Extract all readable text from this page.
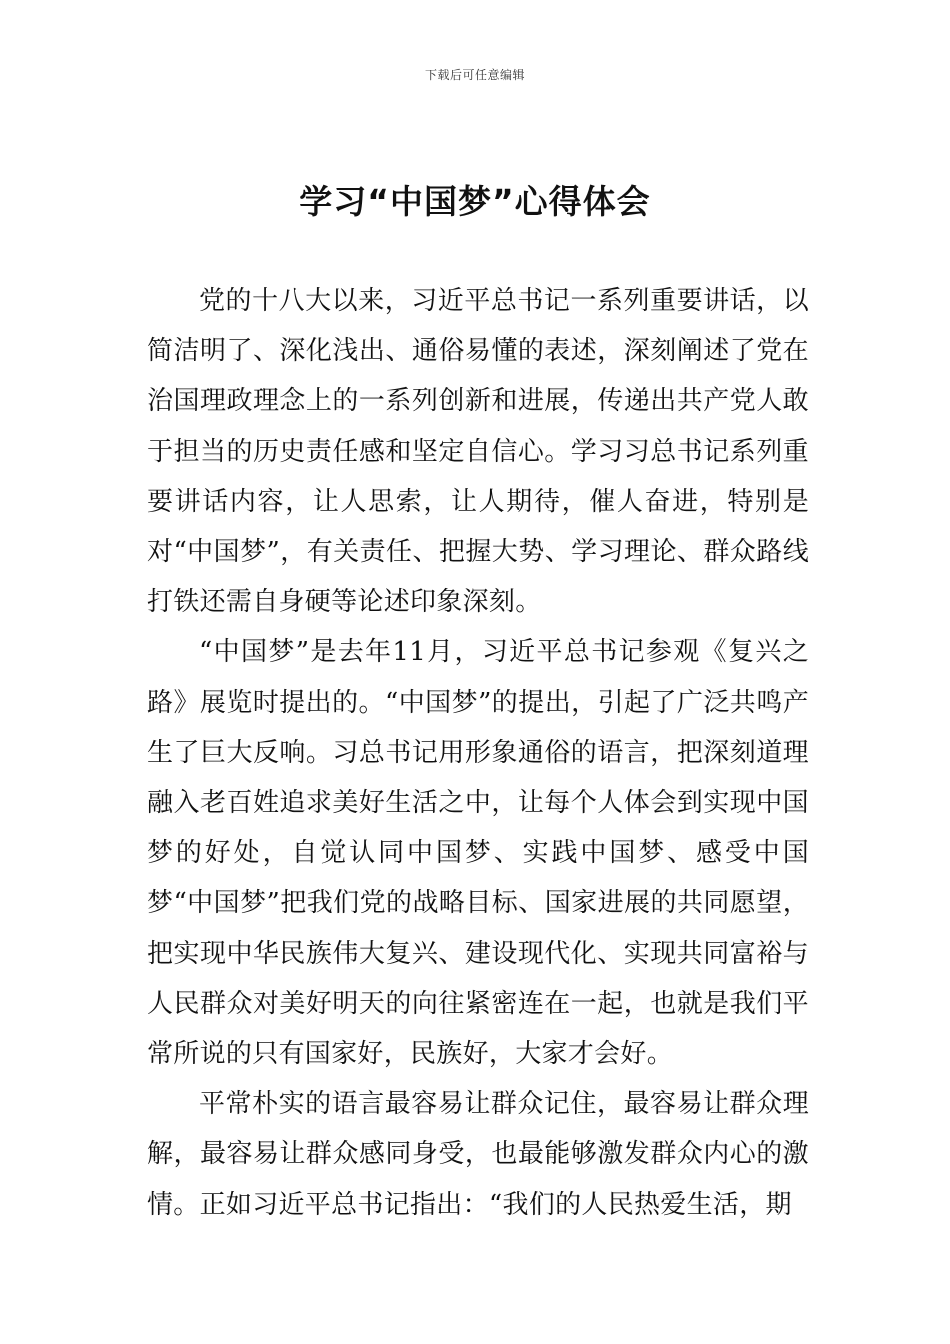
下载后可任意编辑
学习“中国梦”心得体会

党的十八大以来，习近平总书记一系列重要讲话，以简洁明了、深化浅出、通俗易懂的表述，深刻阐述了党在治国理政理念上的一系列创新和进展，传递出共产党人敢于担当的历史责任感和坚定自信心。学习习总书记系列重要讲话内容，让人思索，让人期待，催人奋进，特别是对“中国梦”，有关责任、把握大势、学习理论、群众路线打铁还需自身硬等论述印象深刻。

“中国梦”是去年11月，习近平总书记参观《复兴之路》展览时提出的。“中国梦”的提出，引起了广泛共鸣产生了巨大反响。习总书记用形象通俗的语言，把深刻道理融入老百姓追求美好生活之中，让每个人体会到实现中国梦的好处，自觉认同中国梦、实践中国梦、感受中国梦“中国梦”把我们党的战略目标、国家进展的共同愿望，把实现中华民族伟大复兴、建设现代化、实现共同富裕与人民群众对美好明天的向往紧密连在一起，也就是我们平常所说的只有国家好，民族好，大家才会好。

平常朴实的语言最容易让群众记住，最容易让群众理解，最容易让群众感同身受，也最能够激发群众内心的激情。正如习近平总书记指出：“我们的人民热爱生活，期
